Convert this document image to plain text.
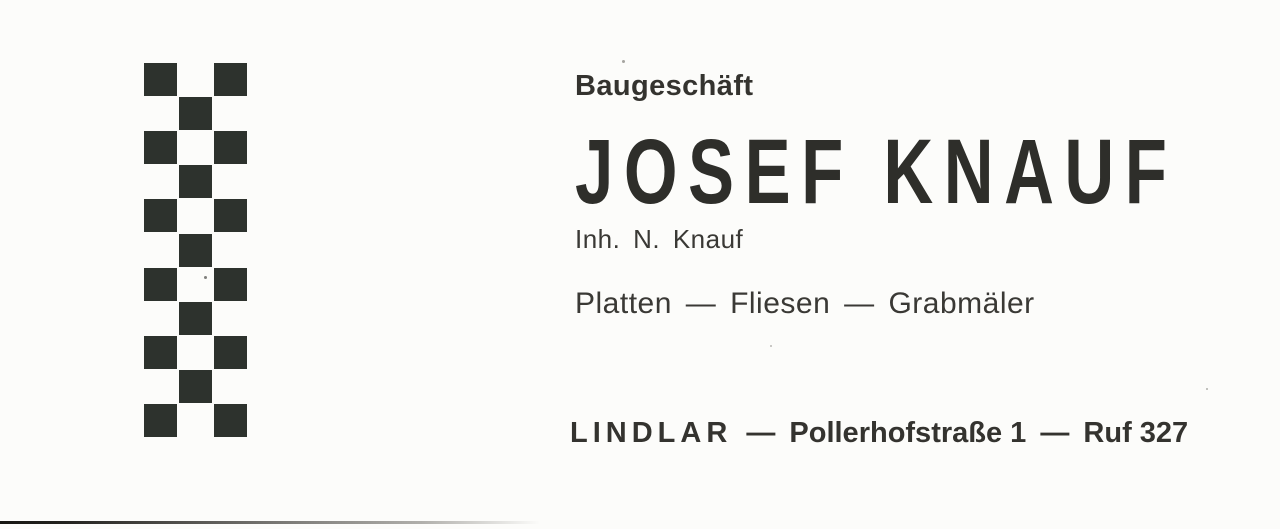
Baugeschäft
JOSEF KNAUF
Inh. N. Knauf
Platten — Fliesen — Grabmäler
LINDLAR — Pollerhofstraße 1 — Ruf 327
